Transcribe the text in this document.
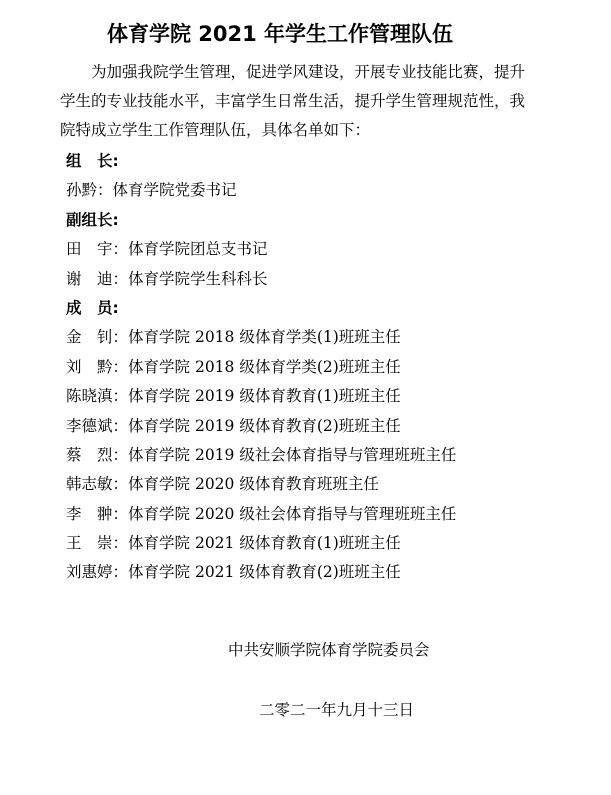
体育学院 2021 年学生工作管理队伍
为加强我院学生管理，促进学风建设，开展专业技能比赛，提升
学生的专业技能水平，丰富学生日常生活，提升学生管理规范性，我
院特成立学生工作管理队伍，具体名单如下：
组　长:
孙黔：体育学院党委书记
副组长:
田　宇：体育学院团总支书记
谢　迪：体育学院学生科科长
成　员:
金　钊：体育学院 2018 级体育学类(1)班班主任
刘　黔：体育学院 2018 级体育学类(2)班班主任
陈晓滇：体育学院 2019 级体育教育(1)班班主任
李德斌：体育学院 2019 级体育教育(2)班班主任
蔡　烈：体育学院 2019 级社会体育指导与管理班班主任
韩志敏：体育学院 2020 级体育教育班班主任
李　翀：体育学院 2020 级社会体育指导与管理班班主任
王　崇：体育学院 2021 级体育教育(1)班班主任
刘惠婷：体育学院 2021 级体育教育(2)班班主任
中共安顺学院体育学院委员会
二零二一年九月十三日
